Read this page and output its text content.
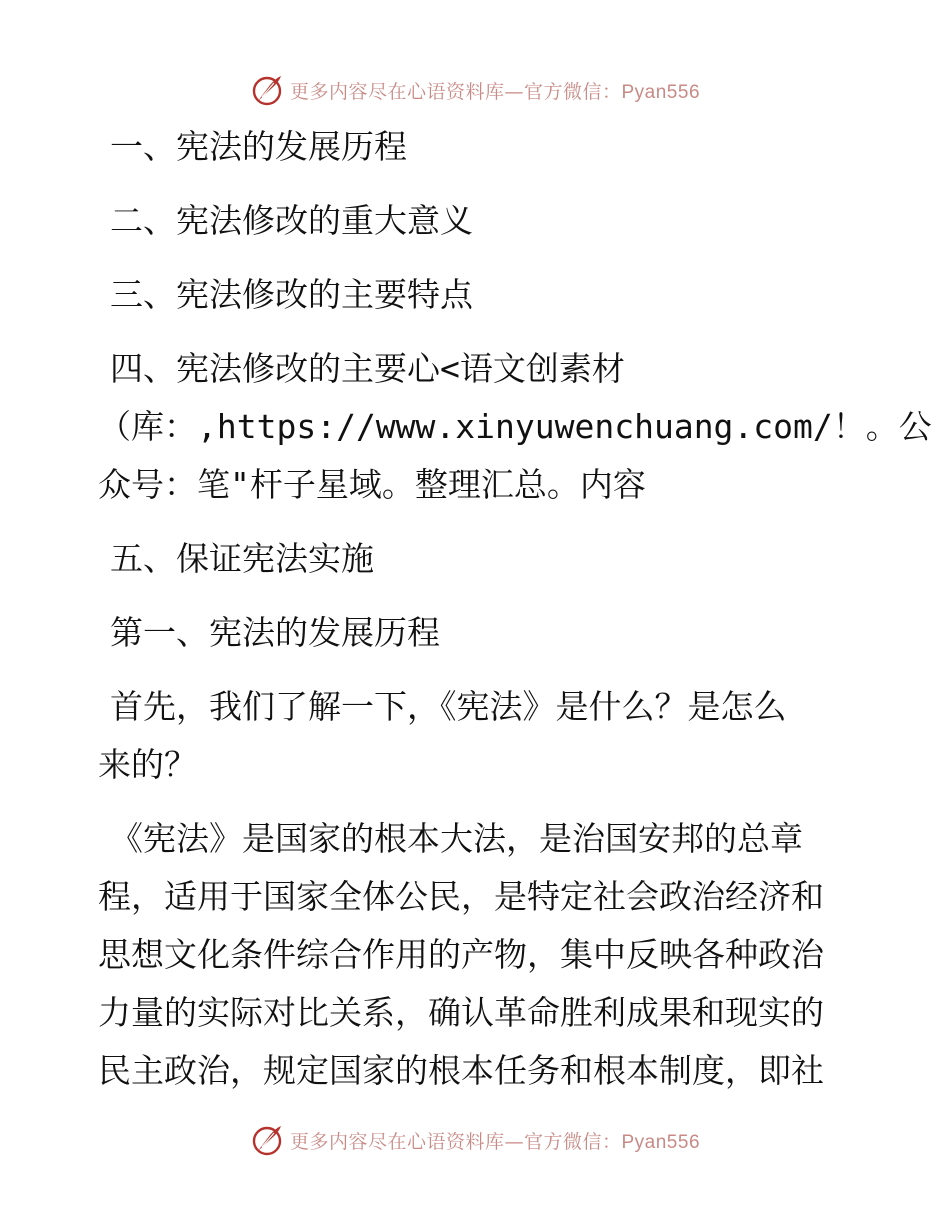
更多内容尽在心语资料库—官方微信：Pyan556
一、宪法的发展历程
二、宪法修改的重大意义
三、宪法修改的主要特点
四、宪法修改的主要心<语文创素材
（库：,https://www.xinyuwenchuang.com/！。公
众号：笔"杆子星域。整理汇总。内容
五、保证宪法实施
第一、宪法的发展历程
首先，我们了解一下，《宪法》是什么？是怎么
来的？
《宪法》是国家的根本大法，是治国安邦的总章
程，适用于国家全体公民，是特定社会政治经济和
思想文化条件综合作用的产物，集中反映各种政治
力量的实际对比关系，确认革命胜利成果和现实的
民主政治，规定国家的根本任务和根本制度，即社
更多内容尽在心语资料库—官方微信：Pyan556
